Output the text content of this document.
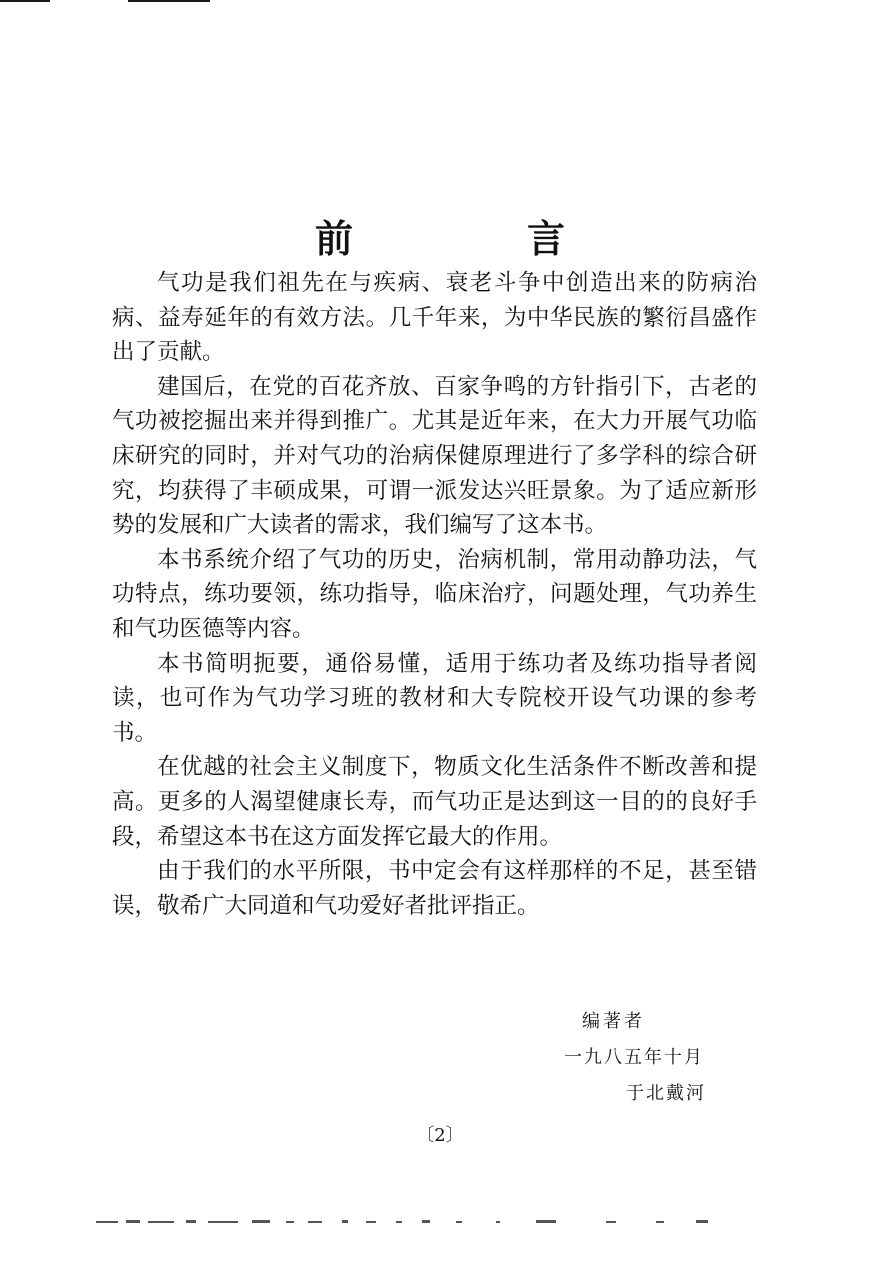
前　言

气功是我们祖先在与疾病、衰老斗争中创造出来的防病治病、益寿延年的有效方法。几千年来，为中华民族的繁衍昌盛作出了贡献。

建国后，在党的百花齐放、百家争鸣的方针指引下，古老的气功被挖掘出来并得到推广。尤其是近年来，在大力开展气功临床研究的同时，并对气功的治病保健原理进行了多学科的综合研究，均获得了丰硕成果，可谓一派发达兴旺景象。为了适应新形势的发展和广大读者的需求，我们编写了这本书。

本书系统介绍了气功的历史，治病机制，常用动静功法，气功特点，练功要领，练功指导，临床治疗，问题处理，气功养生和气功医德等内容。

本书简明扼要，通俗易懂，适用于练功者及练功指导者阅读，也可作为气功学习班的教材和大专院校开设气功课的参考书。

在优越的社会主义制度下，物质文化生活条件不断改善和提高。更多的人渴望健康长寿，而气功正是达到这一目的的良好手段，希望这本书在这方面发挥它最大的作用。

由于我们的水平所限，书中定会有这样那样的不足，甚至错误，敬希广大同道和气功爱好者批评指正。

编著者
一九八五年十月
于北戴河
〔2〕
